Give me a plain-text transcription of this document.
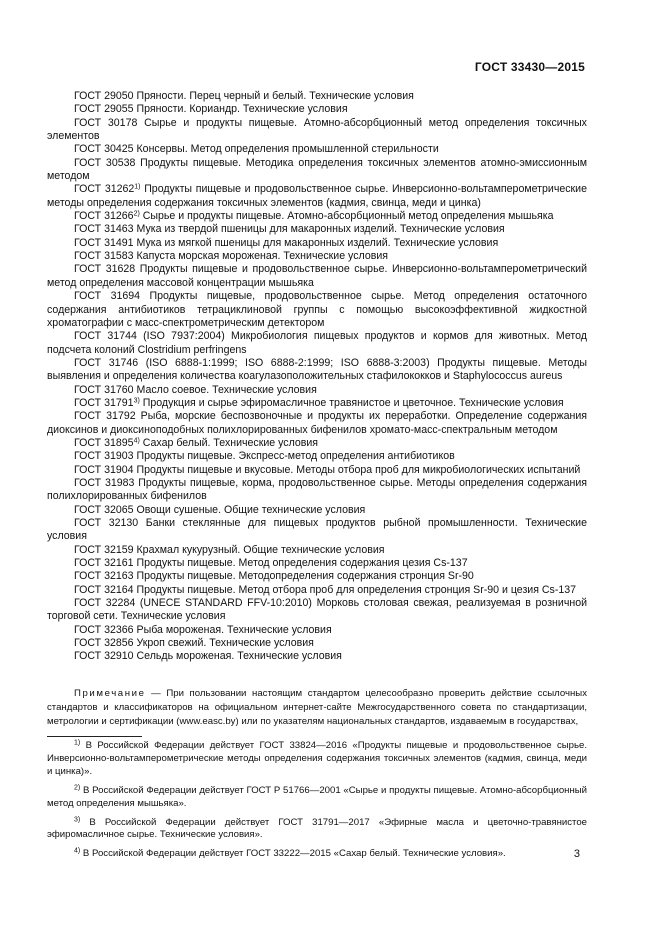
ГОСТ 33430—2015

ГОСТ 29050 Пряности. Перец черный и белый. Технические условия

ГОСТ 29055 Пряности. Кориандр. Технические условия

ГОСТ 30178 Сырье и продукты пищевые. Атомно-абсорбционный метод определения токсичных элементов

ГОСТ 30425 Консервы. Метод определения промышленной стерильности

ГОСТ 30538 Продукты пищевые. Методика определения токсичных элементов атомно-эмиссионным методом

ГОСТ 31262$^{1)}$ Продукты пищевые и продовольственное сырье. Инверсионно-вольтамперометрические методы определения содержания токсичных элементов (кадмия, свинца, меди и цинка)

ГОСТ 31266$^{2)}$ Сырье и продукты пищевые. Атомно-абсорбционный метод определения мышьяка

ГОСТ 31463 Мука из твердой пшеницы для макаронных изделий. Технические условия

ГОСТ 31491 Мука из мягкой пшеницы для макаронных изделий. Технические условия

ГОСТ 31583 Капуста морская мороженая. Технические условия

ГОСТ 31628 Продукты пищевые и продовольственное сырье. Инверсионно-вольтамперометрический метод определения массовой концентрации мышьяка

ГОСТ 31694 Продукты пищевые, продовольственное сырье. Метод определения остаточного содержания антибиотиков тетрациклиновой группы с помощью высокоэффективной жидкостной хроматографии с масс-спектрометрическим детектором

ГОСТ 31744 (ISO 7937:2004) Микробиология пищевых продуктов и кормов для животных. Метод подсчета колоний Clostridium perfringens

ГОСТ 31746 (ISO 6888-1:1999; ISO 6888-2:1999; ISO 6888-3:2003) Продукты пищевые. Методы выявления и определения количества коагулазоположительных стафилококков и Staphylococcus aureus

ГОСТ 31760 Масло соевое. Технические условия

ГОСТ 31791$^{3)}$ Продукция и сырье эфиромасличное травянистое и цветочное. Технические условия

ГОСТ 31792 Рыба, морские беспозвоночные и продукты их переработки. Определение содержания диоксинов и диоксиноподобных полихлорированных бифенилов хромато-масс-спектральным методом

ГОСТ 31895$^{4)}$ Сахар белый. Технические условия

ГОСТ 31903 Продукты пищевые. Экспресс-метод определения антибиотиков

ГОСТ 31904 Продукты пищевые и вкусовые. Методы отбора проб для микробиологических испытаний

ГОСТ 31983 Продукты пищевые, корма, продовольственное сырье. Методы определения содержания полихлорированных бифенилов

ГОСТ 32065 Овощи сушеные. Общие технические условия

ГОСТ 32130 Банки стеклянные для пищевых продуктов рыбной промышленности. Технические условия

ГОСТ 32159 Крахмал кукурузный. Общие технические условия

ГОСТ 32161 Продукты пищевые. Метод определения содержания цезия Cs-137

ГОСТ 32163 Продукты пищевые. Методопределения содержания стронция Sr-90

ГОСТ 32164 Продукты пищевые. Метод отбора проб для определения стронция Sr-90 и цезия Cs-137

ГОСТ 32284 (UNECE STANDARD FFV-10:2010) Морковь столовая свежая, реализуемая в розничной торговой сети. Технические условия

ГОСТ 32366 Рыба мороженая. Технические условия

ГОСТ 32856 Укроп свежий. Технические условия

ГОСТ 32910 Сельдь мороженая. Технические условия

Примечание — При пользовании настоящим стандартом целесообразно проверить действие ссылочных стандартов и классификаторов на официальном интернет-сайте Межгосударственного совета по стандартизации, метрологии и сертификации (www.easc.by) или по указателям национальных стандартов, издаваемым в государствах,

$^{1)}$ В Российской Федерации действует ГОСТ 33824—2016 «Продукты пищевые и продовольственное сырье. Инверсионно-вольтамперометрические методы определения содержания токсичных элементов (кадмия, свинца, меди и цинка)».

$^{2)}$ В Российской Федерации действует ГОСТ Р 51766—2001 «Сырье и продукты пищевые. Атомно-абсорбционный метод определения мышьяка».

$^{3)}$ В Российской Федерации действует ГОСТ 31791—2017 «Эфирные масла и цветочно-травянистое эфиромасличное сырье. Технические условия».

$^{4)}$ В Российской Федерации действует ГОСТ 33222—2015 «Сахар белый. Технические условия».	3
